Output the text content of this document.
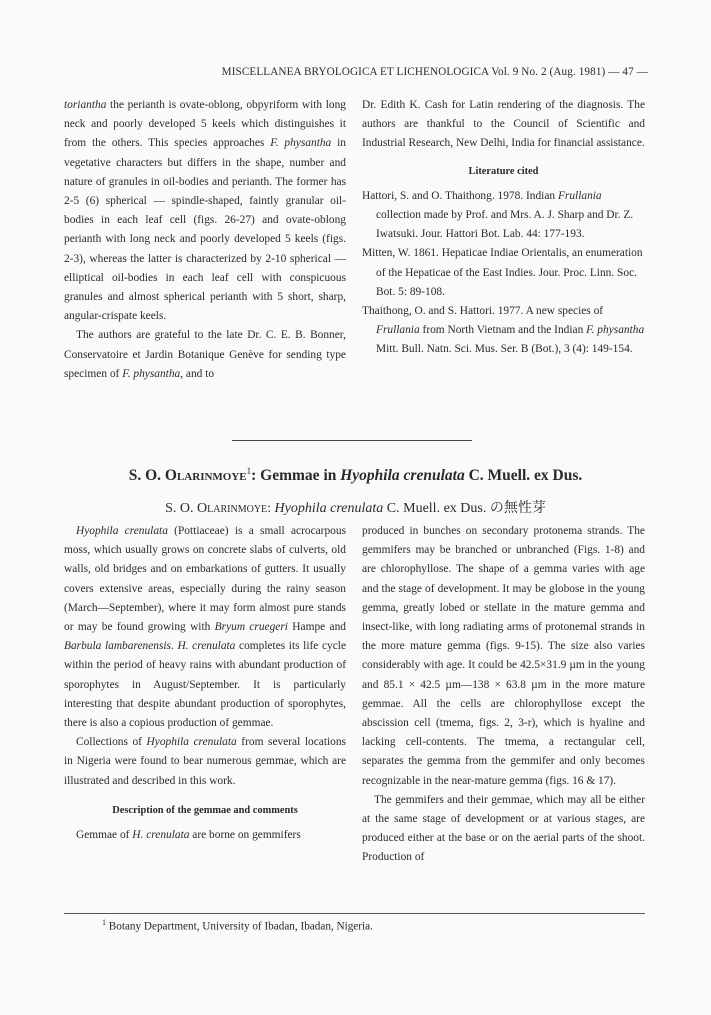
MISCELLANEA BRYOLOGICA ET LICHENOLOGICA Vol. 9 No. 2 (Aug. 1981) — 47 —

toriantha the perianth is ovate-oblong, obpyriform with long neck and poorly developed 5 keels which distinguishes it from the others. This species approaches F. physantha in vegetative characters but differs in the shape, number and nature of granules in oil-bodies and perianth. The former has 2-5 (6) spherical — spindle-shaped, faintly granular oil-bodies in each leaf cell (figs. 26-27) and ovate-oblong perianth with long neck and poorly developed 5 keels (figs. 2-3), whereas the latter is characterized by 2-10 spherical — elliptical oil-bodies in each leaf cell with conspicuous granules and almost spherical perianth with 5 short, sharp, angular-crispate keels.

The authors are grateful to the late Dr. C. E. B. Bonner, Conservatoire et Jardin Botanique Genève for sending type specimen of F. physantha, and to

Dr. Edith K. Cash for Latin rendering of the diagnosis. The authors are thankful to the Council of Scientific and Industrial Research, New Delhi, India for financial assistance.

Literature cited

Hattori, S. and O. Thaithong. 1978. Indian Frullania collection made by Prof. and Mrs. A. J. Sharp and Dr. Z. Iwatsuki. Jour. Hattori Bot. Lab. 44: 177-193.

Mitten, W. 1861. Hepaticae Indiae Orientalis, an enumeration of the Hepaticae of the East Indies. Jour. Proc. Linn. Soc. Bot. 5: 89-108.

Thaithong, O. and S. Hattori. 1977. A new species of Frullania from North Vietnam and the Indian F. physantha Mitt. Bull. Natn. Sci. Mus. Ser. B (Bot.), 3 (4): 149-154.

S. O. Olarinmoye$^1$: Gemmae in Hyophila crenulata C. Muell. ex Dus.
S. O. Olarinmoye: Hyophila crenulata C. Muell. ex Dus. の無性芽

Hyophila crenulata (Pottiaceae) is a small acrocarpous moss, which usually grows on concrete slabs of culverts, old walls, old bridges and on embarkations of gutters. It usually covers extensive areas, especially during the rainy season (March—September), where it may form almost pure stands or may be found growing with Bryum cruegeri Hampe and Barbula lambarenensis. H. crenulata completes its life cycle within the period of heavy rains with abundant production of sporophytes in August/September. It is particularly interesting that despite abundant production of sporophytes, there is also a copious production of gemmae.

Collections of Hyophila crenulata from several locations in Nigeria were found to bear numerous gemmae, which are illustrated and described in this work.

Description of the gemmae and comments

Gemmae of H. crenulata are borne on gemmifers

produced in bunches on secondary protonema strands. The gemmifers may be branched or unbranched (Figs. 1-8) and are chlorophyllose. The shape of a gemma varies with age and the stage of development. It may be globose in the young gemma, greatly lobed or stellate in the mature gemma and insect-like, with long radiating arms of protonemal strands in the more mature gemma (figs. 9-15). The size also varies considerably with age. It could be 42.5×31.9 µm in the young and 85.1 × 42.5 µm—138 × 63.8 µm in the more mature gemmae. All the cells are chlorophyllose except the abscission cell (tmema, figs. 2, 3-r), which is hyaline and lacking cell-contents. The tmema, a rectangular cell, separates the gemma from the gemmifer and only becomes recognizable in the near-mature gemma (figs. 16 & 17).

The gemmifers and their gemmae, which may all be either at the same stage of development or at various stages, are produced either at the base or on the aerial parts of the shoot. Production of

$^1$ Botany Department, University of Ibadan, Ibadan, Nigeria.
